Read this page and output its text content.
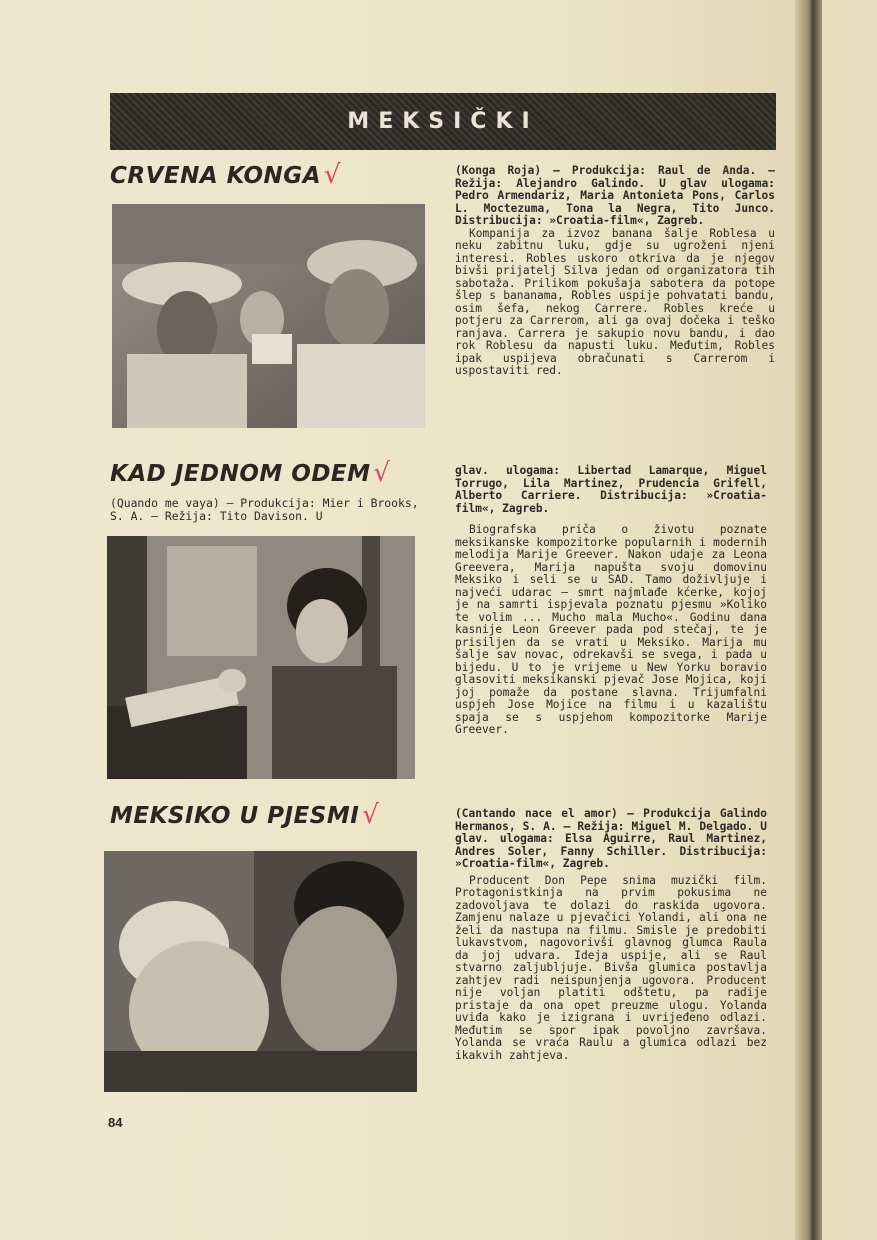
MEKSIČKI
CRVENA KONGA √	(Konga Roja) — Produkcija: Raul de Anda. — Režija: Alejandro Galindo. U glav ulogama: Pedro Armendariz, Maria Antonieta Pons, Carlos L. Moctezuma, Tona la Negra, Tito Junco. Distribucija: »Croatia-film«, Zagreb.

Kompanija za izvoz banana šalje Roblesa u neku zabitnu luku, gdje su ugroženi njeni interesi. Robles uskoro otkriva da je njegov bivši prijatelj Silva jedan od organizatora tih sabotaža. Prilikom pokušaja sabotera da potope šlep s bananama, Robles uspije pohvatati bandu, osim šefa, nekog Carrere. Robles kreće u potjeru za Carrerom, ali ga ovaj dočeka i teško ranjava. Carrera je sakupio novu bandu, i dao rok Roblesu da napusti luku. Međutim, Robles ipak uspijeva obračunati s Carrerom i uspostaviti red.

KAD JEDNOM ODEM √
(Quando me vaya) — Produkcija: Mier i Brooks, S. A. — Režija: Tito Davison. U

glav. ulogama: Libertad Lamarque, Miguel Torrugo, Lila Martinez, Prudencia Grifell, Alberto Carriere. Distribucija: »Croatia-film«, Zagreb.

Biografska priča o životu poznate meksikanske kompozitorke popularnih i modernih melodija Marije Greever. Nakon udaje za Leona Greevera, Marija napušta svoju domovinu Meksiko i seli se u SAD. Tamo doživljuje i najveći udarac — smrt najmlađe kćerke, kojoj je na samrti ispjevala poznatu pjesmu »Koliko te volim ... Mucho mala Mucho«. Godinu dana kasnije Leon Greever pada pod stečaj, te je prisiljen da se vrati u Meksiko. Marija mu šalje sav novac, odrekavši se svega, i pada u bijedu. U to je vrijeme u New Yorku boravio glasoviti meksikanski pjevač Jose Mojica, koji joj pomaže da postane slavna. Trijumfalni uspjeh Jose Mojice na filmu i u kazalištu spaja se s uspjehom kompozitorke Marije Greever.

MEKSIKO U PJESMI √	(Cantando nace el amor) — Produkcija Galindo Hermanos, S. A. — Režija: Miguel M. Delgado. U glav. ulogama: Elsa Aguirre, Raul Martinez, Andres Soler, Fanny Schiller. Distribucija: »Croatia-film«, Zagreb.

Producent Don Pepe snima muzički film. Protagonistkinja na prvim pokusima ne zadovoljava te dolazi do raskida ugovora. Zamjenu nalaze u pjevačici Yolandi, ali ona ne želi da nastupa na filmu. Smisle je predobiti lukavstvom, nagovorivši glavnog glumca Raula da joj udvara. Ideja uspije, ali se Raul stvarno zaljubljuje. Bivša glumica postavlja zahtjev radi neispunjenja ugovora. Producent nije voljan platiti odštetu, pa radije pristaje da ona opet preuzme ulogu. Yolanda uviđa kako je izigrana i uvrijeđeno odlazi. Međutim se spor ipak povoljno završava. Yolanda se vraća Raulu a glumica odlazi bez ikakvih zahtjeva.

84
